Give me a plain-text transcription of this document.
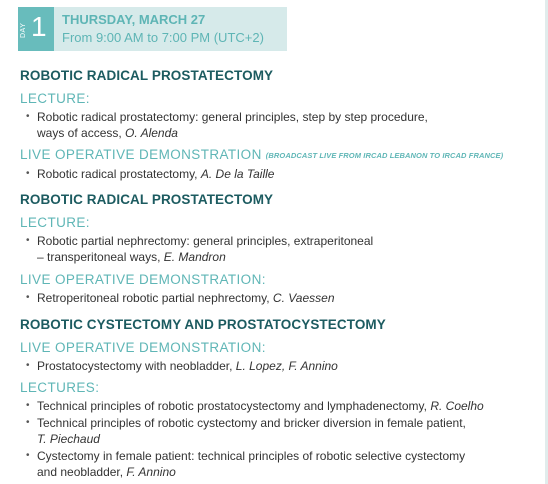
DAY 1 THURSDAY, MARCH 27
From 9:00 AM to 7:00 PM (UTC+2)
ROBOTIC RADICAL PROSTATECTOMY
LECTURE:
• Robotic radical prostatectomy: general principles, step by step procedure,
ways of access, O. Alenda
LIVE OPERATIVE DEMONSTRATION (BROADCAST LIVE FROM IRCAD LEBANON TO IRCAD FRANCE)
• Robotic radical prostatectomy, A. De la Taille
ROBOTIC RADICAL PROSTATECTOMY
LECTURE:
• Robotic partial nephrectomy: general principles, extraperitoneal
– transperitoneal ways, E. Mandron
LIVE OPERATIVE DEMONSTRATION:
• Retroperitoneal robotic partial nephrectomy, C. Vaessen
ROBOTIC CYSTECTOMY AND PROSTATOCYSTECTOMY
LIVE OPERATIVE DEMONSTRATION:
• Prostatocystectomy with neobladder, L. Lopez, F. Annino
LECTURES:
• Technical principles of robotic prostatocystectomy and lymphadenectomy, R. Coelho
• Technical principles of robotic cystectomy and bricker diversion in female patient,
T. Piechaud
• Cystectomy in female patient: technical principles of robotic selective cystectomy
and neobladder, F. Annino
